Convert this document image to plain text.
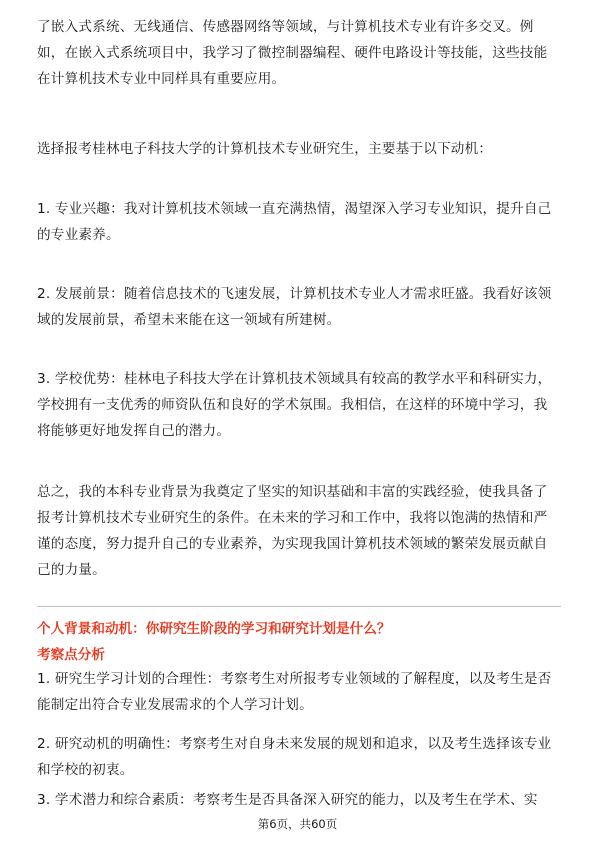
了嵌入式系统、无线通信、传感器网络等领域，与计算机技术专业有许多交叉。例如，在嵌入式系统项目中，我学习了微控制器编程、硬件电路设计等技能，这些技能在计算机技术专业中同样具有重要应用。

选择报考桂林电子科技大学的计算机技术专业研究生，主要基于以下动机：

1. 专业兴趣：我对计算机技术领域一直充满热情，渴望深入学习专业知识，提升自己的专业素养。

2. 发展前景：随着信息技术的飞速发展，计算机技术专业人才需求旺盛。我看好该领域的发展前景，希望未来能在这一领域有所建树。

3. 学校优势：桂林电子科技大学在计算机技术领域具有较高的教学水平和科研实力，学校拥有一支优秀的师资队伍和良好的学术氛围。我相信，在这样的环境中学习，我将能够更好地发挥自己的潜力。

总之，我的本科专业背景为我奠定了坚实的知识基础和丰富的实践经验，使我具备了报考计算机技术专业研究生的条件。在未来的学习和工作中，我将以饱满的热情和严谨的态度，努力提升自己的专业素养，为实现我国计算机技术领域的繁荣发展贡献自己的力量。

个人背景和动机：你研究生阶段的学习和研究计划是什么？

考察点分析

1. 研究生学习计划的合理性：考察考生对所报考专业领域的了解程度，以及考生是否能制定出符合专业发展需求的个人学习计划。

2. 研究动机的明确性：考察考生对自身未来发展的规划和追求，以及考生选择该专业和学校的初衷。

3. 学术潜力和综合素质：考察考生是否具备深入研究的能力，以及考生在学术、实

第6页，共60页
